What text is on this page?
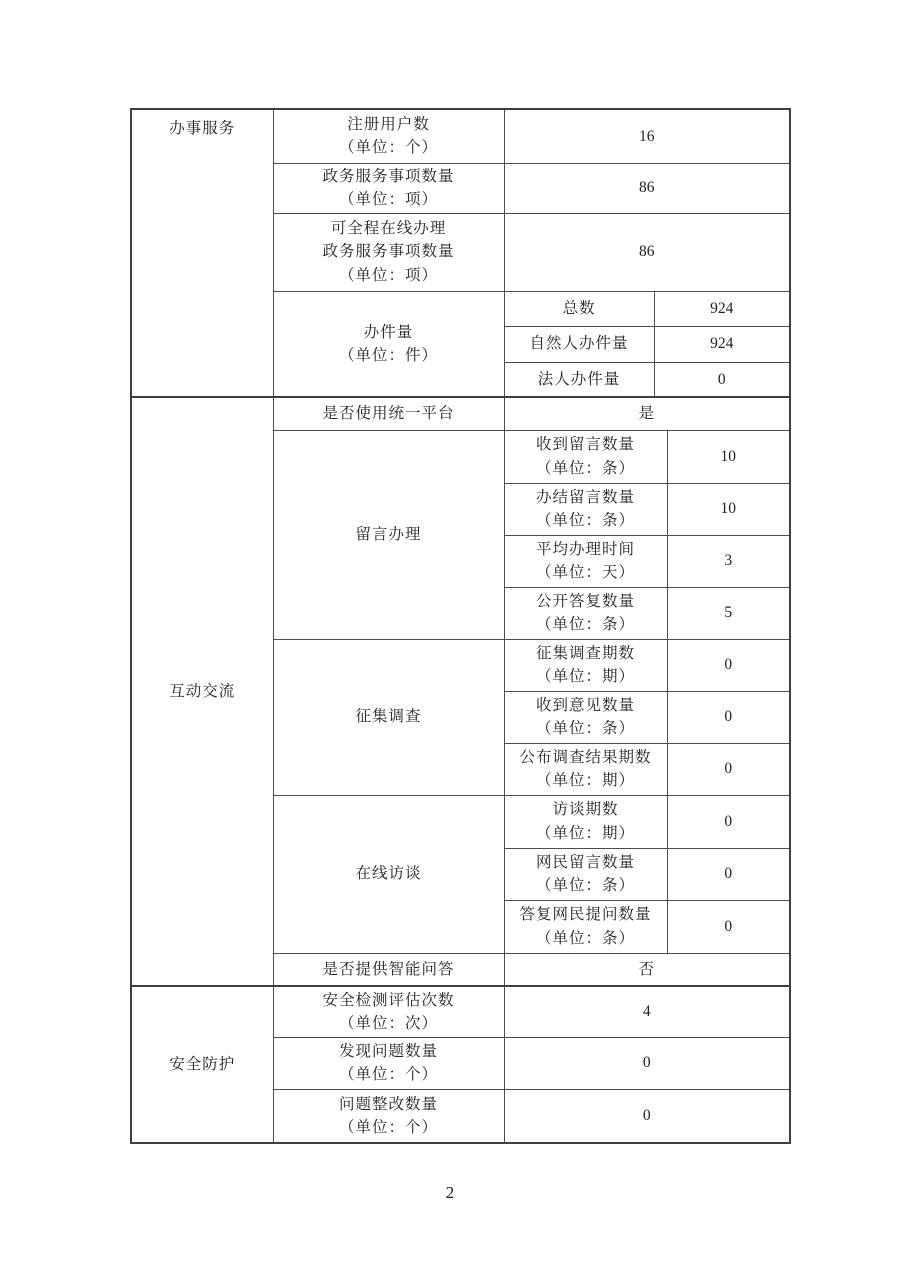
办事服务	注册用户数
（单位：个）	16		

	政务服务事项数量
（单位：项）	86		

	可全程在线办理
政务服务事项数量
（单位：项）	86		

	办件量
（单位：件）	总数	924	
		自然人办件量	924	
		法人办件量	0	
互动交流	是否使用统一平台	是		
	留言办理	收到留言数量
（单位：条）		10

		办结留言数量
（单位：条）		10

		平均办理时间
（单位：天）		3

		公开答复数量
（单位：条）		5
	征集调查	征集调查期数
（单位：期）		0

		收到意见数量
（单位：条）		0

		公布调查结果期数
（单位：期）		0
	在线访谈	访谈期数
（单位：期）		0

		网民留言数量
（单位：条）		0

		答复网民提问数量
（单位：条）		0
	是否提供智能问答	否		
安全防护	安全检测评估次数
（单位：次）	4		

	发现问题数量
（单位：个）	0		

	问题整改数量
（单位：个）	0		
2
